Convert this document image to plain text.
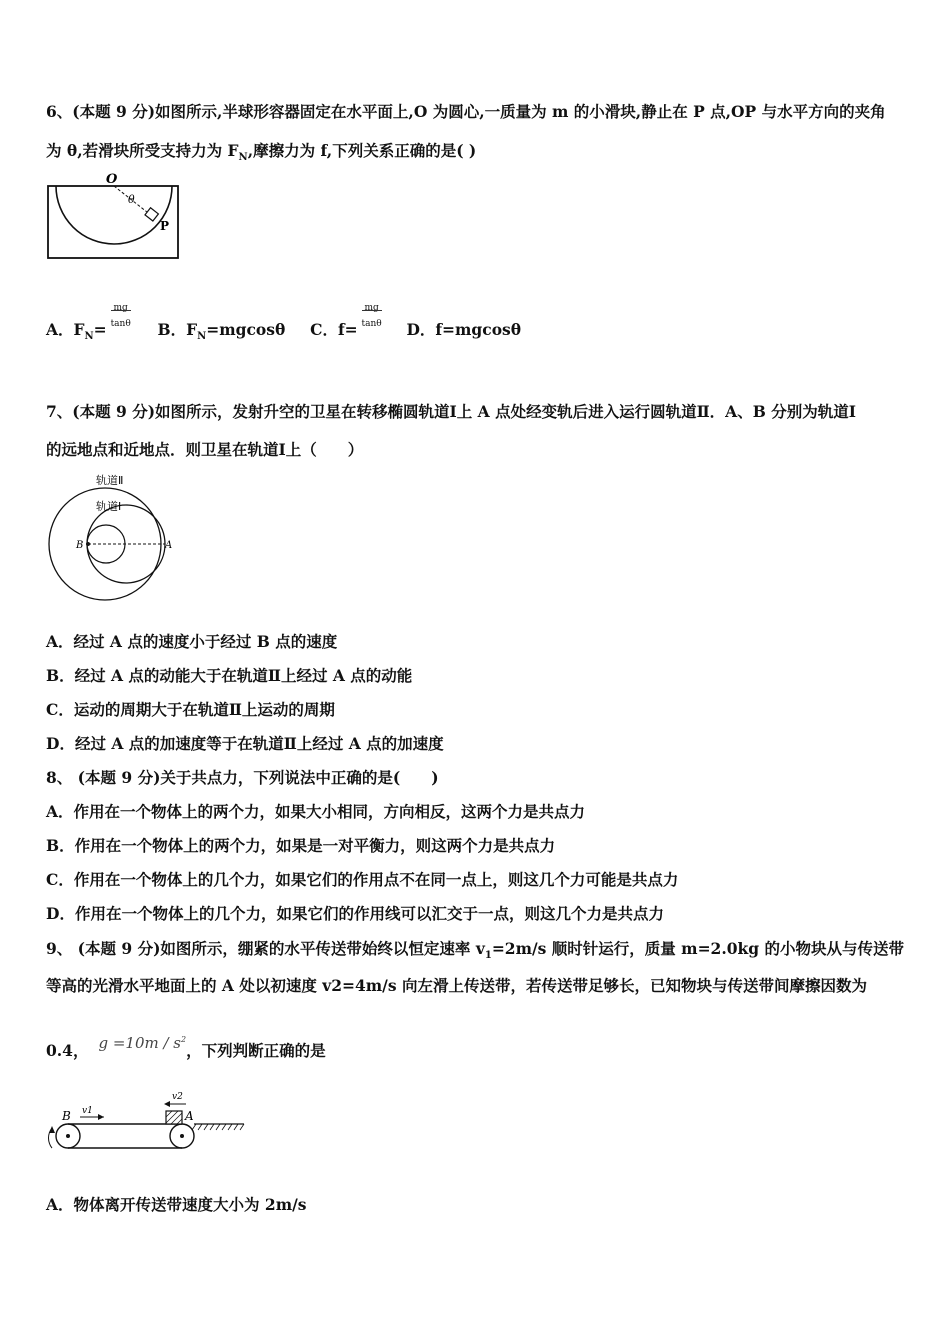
6、(本题 9 分)如图所示,半球形容器固定在水平面上,O 为圆心,一质量为 m 的小滑块,静止在 P 点,OP 与水平方向的夹角
为 θ,若滑块所受支持力为 $F_N$,摩擦力为 f,下列关系正确的是( )
O
θ
P
A．$F_N= \frac{mg}{\tan\theta}$ B．$F_N=mgcos\theta$ C．$f= \frac{mg}{\tan\theta}$ D．f=mgcosθ
7、(本题 9 分)如图所示，发射升空的卫星在转移椭圆轨道Ⅰ上 A 点处经变轨后进入运行圆轨道Ⅱ．A、B 分别为轨道Ⅰ
的远地点和近地点．则卫星在轨道Ⅰ上（　　）
轨道Ⅱ
轨道Ⅰ
B	A
A．经过 A 点的速度小于经过 B 点的速度
B．经过 A 点的动能大于在轨道Ⅱ上经过 A 点的动能
C．运动的周期大于在轨道Ⅱ上运动的周期
D．经过 A 点的加速度等于在轨道Ⅱ上经过 A 点的加速度
8、 (本题 9 分)关于共点力，下列说法中正确的是(　　)
A．作用在一个物体上的两个力，如果大小相同，方向相反，这两个力是共点力
B．作用在一个物体上的两个力，如果是一对平衡力，则这两个力是共点力
C．作用在一个物体上的几个力，如果它们的作用点不在同一点上，则这几个力可能是共点力
D．作用在一个物体上的几个力，如果它们的作用线可以汇交于一点，则这几个力是共点力
9、 (本题 9 分)如图所示，绷紧的水平传送带始终以恒定速率 $v_1=2m/s$ 顺时针运行，质量 m=2.0kg 的小物块从与传送带
等高的光滑水平地面上的 A 处以初速度 v2=4m/s 向左滑上传送带，若传送带足够长，已知物块与传送带间摩擦因数为
0.4， $g =10m / s^2$，下列判断正确的是
B v1
v2
A
A．物体离开传送带速度大小为 2m/s
